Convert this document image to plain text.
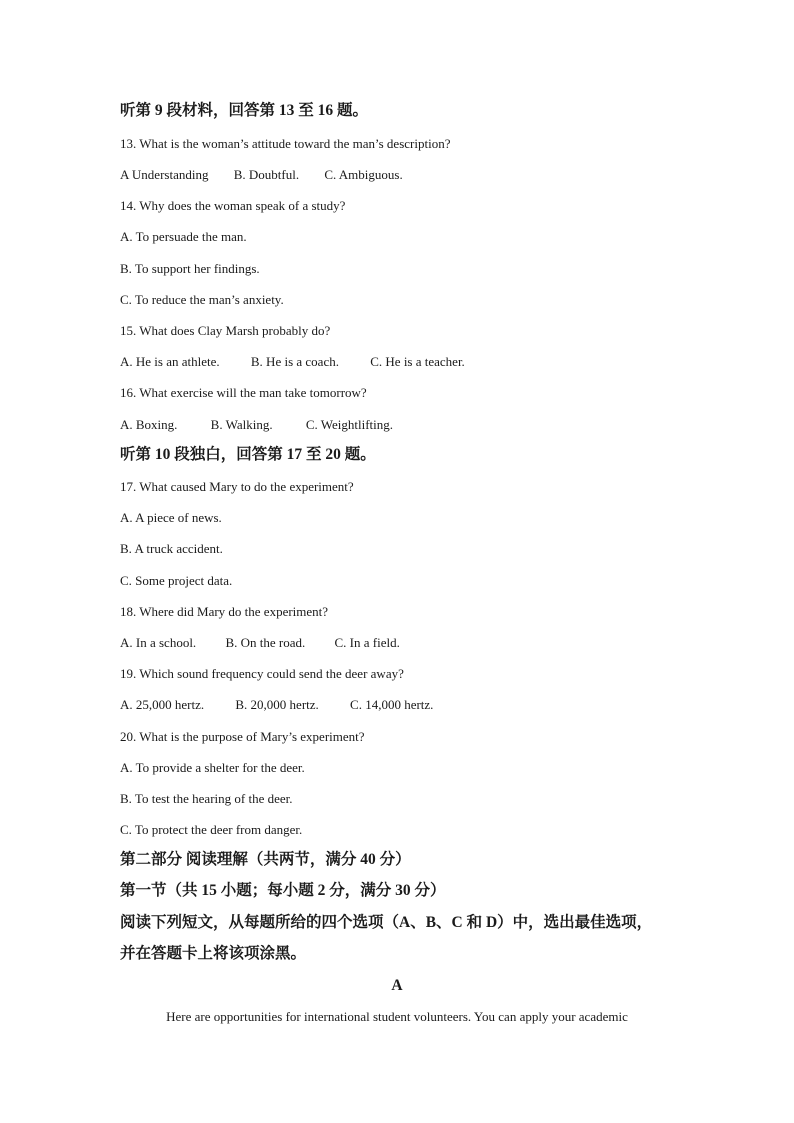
听第 9 段材料，回答第 13 至 16 题。
13. What is the woman’s attitude toward the man’s description?
A Understanding B. Doubtful. C. Ambiguous.
14. Why does the woman speak of a study?
A. To persuade the man.
B. To support her findings.
C. To reduce the man’s anxiety.
15. What does Clay Marsh probably do?
A. He is an athlete. B. He is a coach. C. He is a teacher.
16. What exercise will the man take tomorrow?
A. Boxing.	B. Walking.	C. Weightlifting.
听第 10 段独白，回答第 17 至 20 题。
17. What caused Mary to do the experiment?
A. A piece of news.
B. A truck accident.
C. Some project data.
18. Where did Mary do the experiment?
A. In a school. B. On the road. C. In a field.
19. Which sound frequency could send the deer away?
A. 25,000 hertz. B. 20,000 hertz. C. 14,000 hertz.
20. What is the purpose of Mary’s experiment?
A. To provide a shelter for the deer.
B. To test the hearing of the deer.
C. To protect the deer from danger.
第二部分 阅读理解（共两节，满分 40 分）
第一节（共 15 小题；每小题 2 分，满分 30 分）
阅读下列短文，从每题所给的四个选项（A、B、C 和 D）中，选出最佳选项，
并在答题卡上将该项涂黑。
A
Here are opportunities for international student volunteers. You can apply your academic
